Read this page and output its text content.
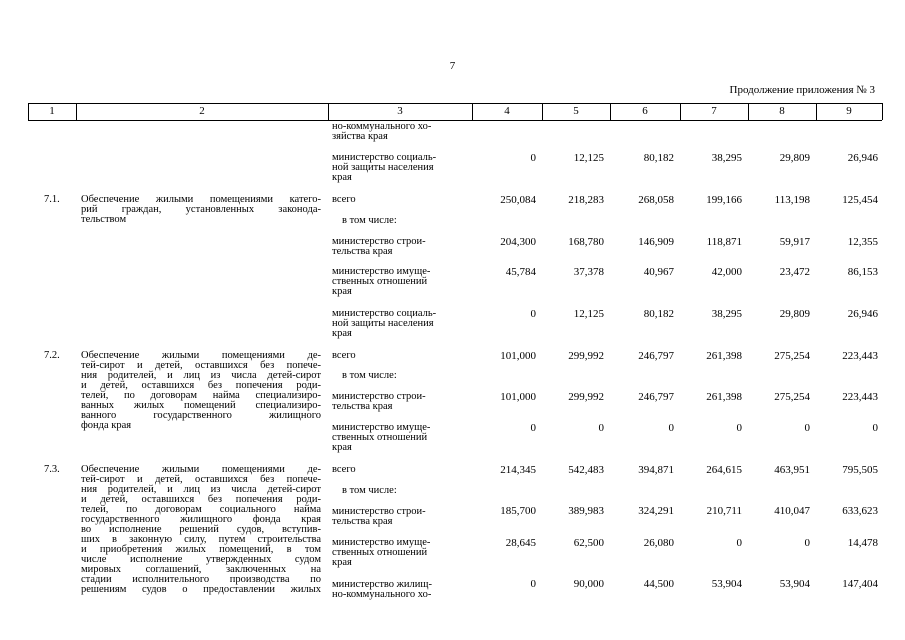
7
Продолжение приложения № 3
1	2	3	4	5	6	7	8	9
но-коммунального хо-
зяйства края
министерство социаль-
ной защиты населения
края
0	12,125	80,182	38,295	29,809	26,946
7.1. Обеспечение жилыми помещениями катего-
рий граждан, установленных законода-
тельством
всего	250,084	218,283	268,058	199,166	113,198	125,454
в том числе:
министерство строи-
тельства края
204,300	168,780	146,909	118,871	59,917	12,355
министерство имуще-
ственных отношений
края
45,784	37,378	40,967	42,000	23,472	86,153
министерство социаль-
ной защиты населения
края
0	12,125	80,182	38,295	29,809	26,946
7.2. Обеспечение жилыми помещениями де-
тей-сирот и детей, оставшихся без попече-
ния родителей, и лиц из числа детей-сирот
и детей, оставшихся без попечения роди-
телей, по договорам найма специализиро-
ванных жилых помещений специализиро-
ванного государственного жилищного
фонда края
всего	101,000	299,992	246,797	261,398	275,254	223,443
в том числе:
министерство строи-
тельства края
101,000	299,992	246,797	261,398	275,254	223,443
министерство имуще-
ственных отношений
края
0	0	0	0	0	0
7.3. Обеспечение жилыми помещениями де-
тей-сирот и детей, оставшихся без попече-
ния родителей, и лиц из числа детей-сирот
и детей, оставшихся без попечения роди-
телей, по договорам социального найма
государственного жилищного фонда края
во исполнение решений судов, вступив-
ших в законную силу, путем строительства
и приобретения жилых помещений, в том
числе исполнение утвержденных судом
мировых соглашений, заключенных на
стадии исполнительного производства по
решениям судов о предоставлении жилых
всего	214,345	542,483	394,871	264,615	463,951	795,505
в том числе:
министерство строи-
тельства края
185,700	389,983	324,291	210,711	410,047	633,623
министерство имуще-
ственных отношений
края
28,645	62,500	26,080	0	0	14,478
министерство жилищ-
но-коммунального хо-
0	90,000	44,500	53,904	53,904	147,404
